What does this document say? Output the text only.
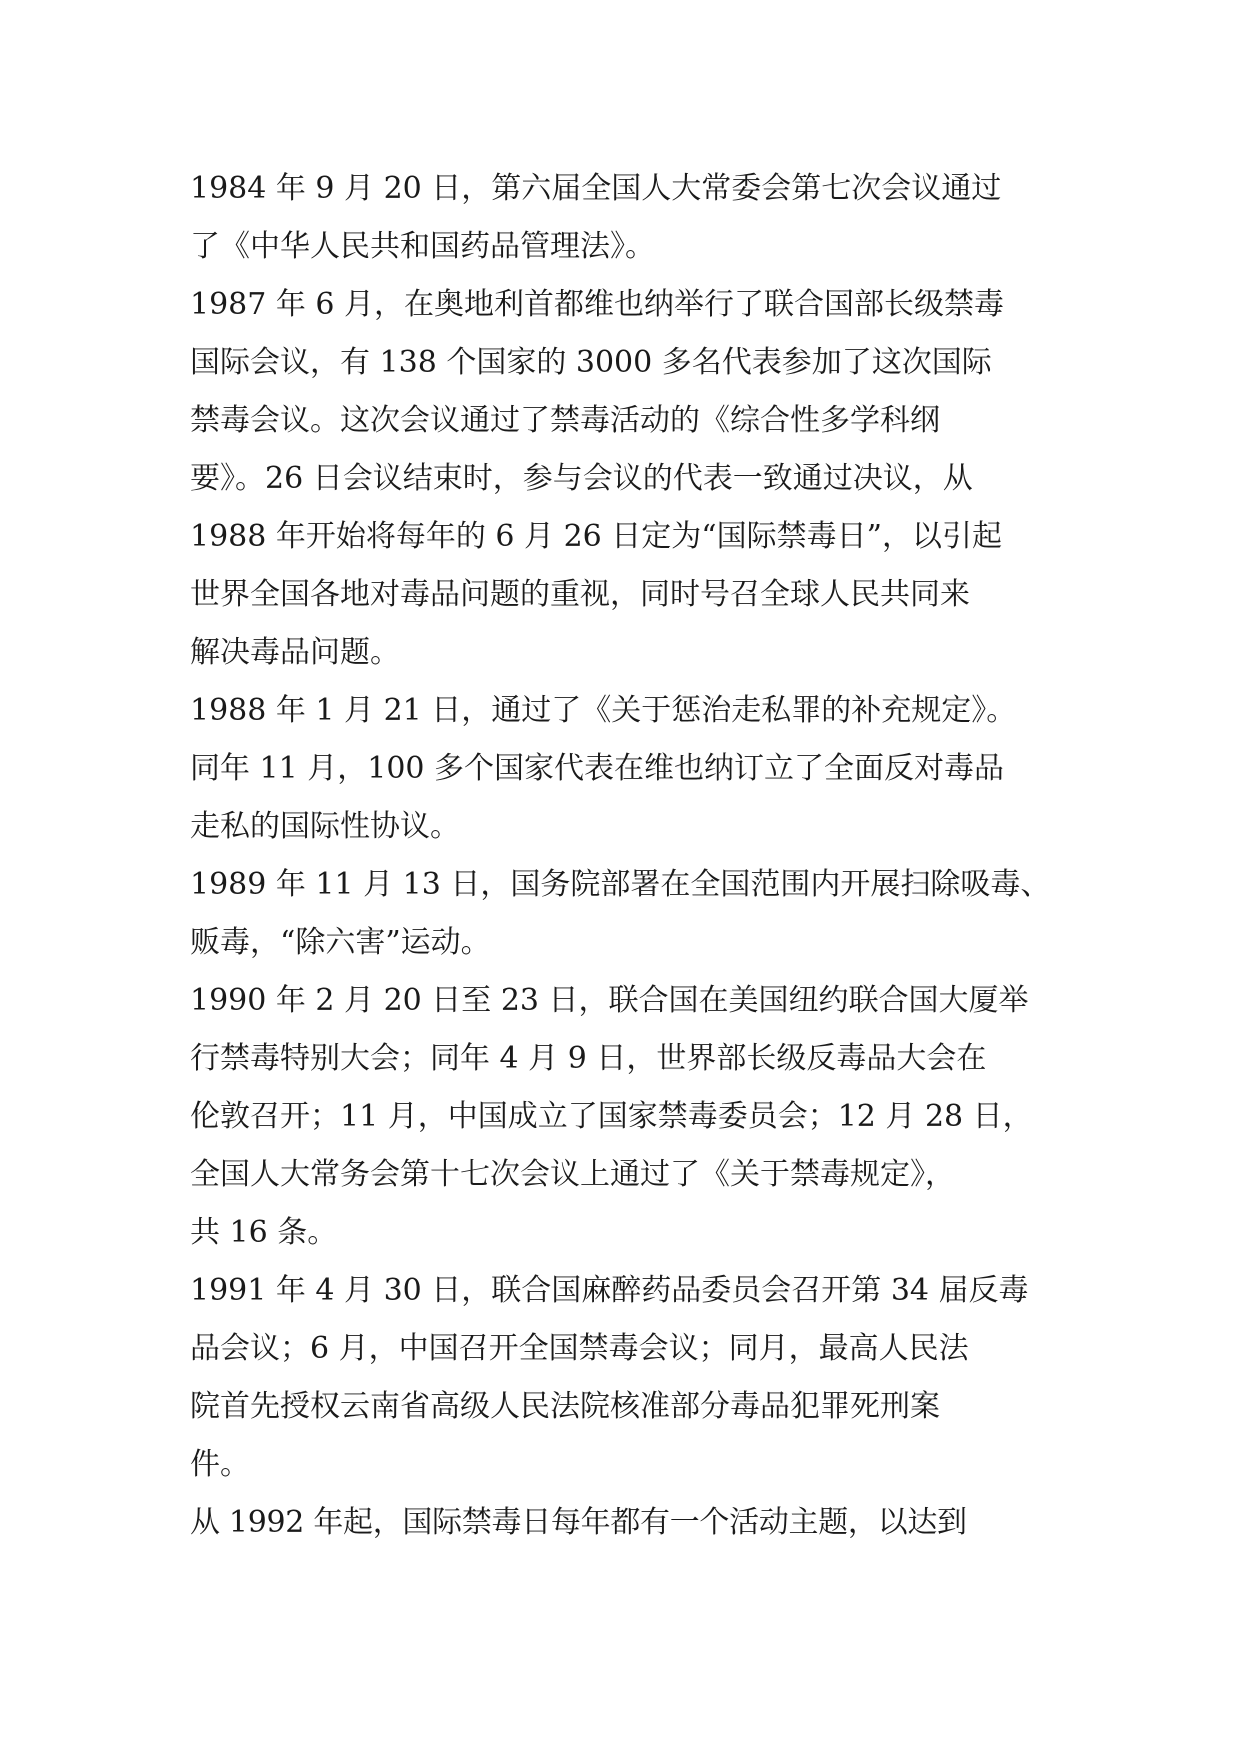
1984 年 9 月 20 日，第六届全国人大常委会第七次会议通过
了《中华人民共和国药品管理法》。
1987 年 6 月，在奥地利首都维也纳举行了联合国部长级禁毒
国际会议，有 138 个国家的 3000 多名代表参加了这次国际
禁毒会议。这次会议通过了禁毒活动的《综合性多学科纲
要》。26 日会议结束时，参与会议的代表一致通过决议，从
1988 年开始将每年的 6 月 26 日定为“国际禁毒日”，以引起
世界全国各地对毒品问题的重视，同时号召全球人民共同来
解决毒品问题。
1988 年 1 月 21 日，通过了《关于惩治走私罪的补充规定》。
同年 11 月，100 多个国家代表在维也纳订立了全面反对毒品
走私的国际性协议。
1989 年 11 月 13 日，国务院部署在全国范围内开展扫除吸毒、
贩毒，“除六害”运动。
1990 年 2 月 20 日至 23 日，联合国在美国纽约联合国大厦举
行禁毒特别大会；同年 4 月 9 日，世界部长级反毒品大会在
伦敦召开；11 月，中国成立了国家禁毒委员会；12 月 28 日，
全国人大常务会第十七次会议上通过了《关于禁毒规定》，
共 16 条。
1991 年 4 月 30 日，联合国麻醉药品委员会召开第 34 届反毒
品会议；6 月，中国召开全国禁毒会议；同月，最高人民法
院首先授权云南省高级人民法院核准部分毒品犯罪死刑案
件。
从 1992 年起，国际禁毒日每年都有一个活动主题，以达到
